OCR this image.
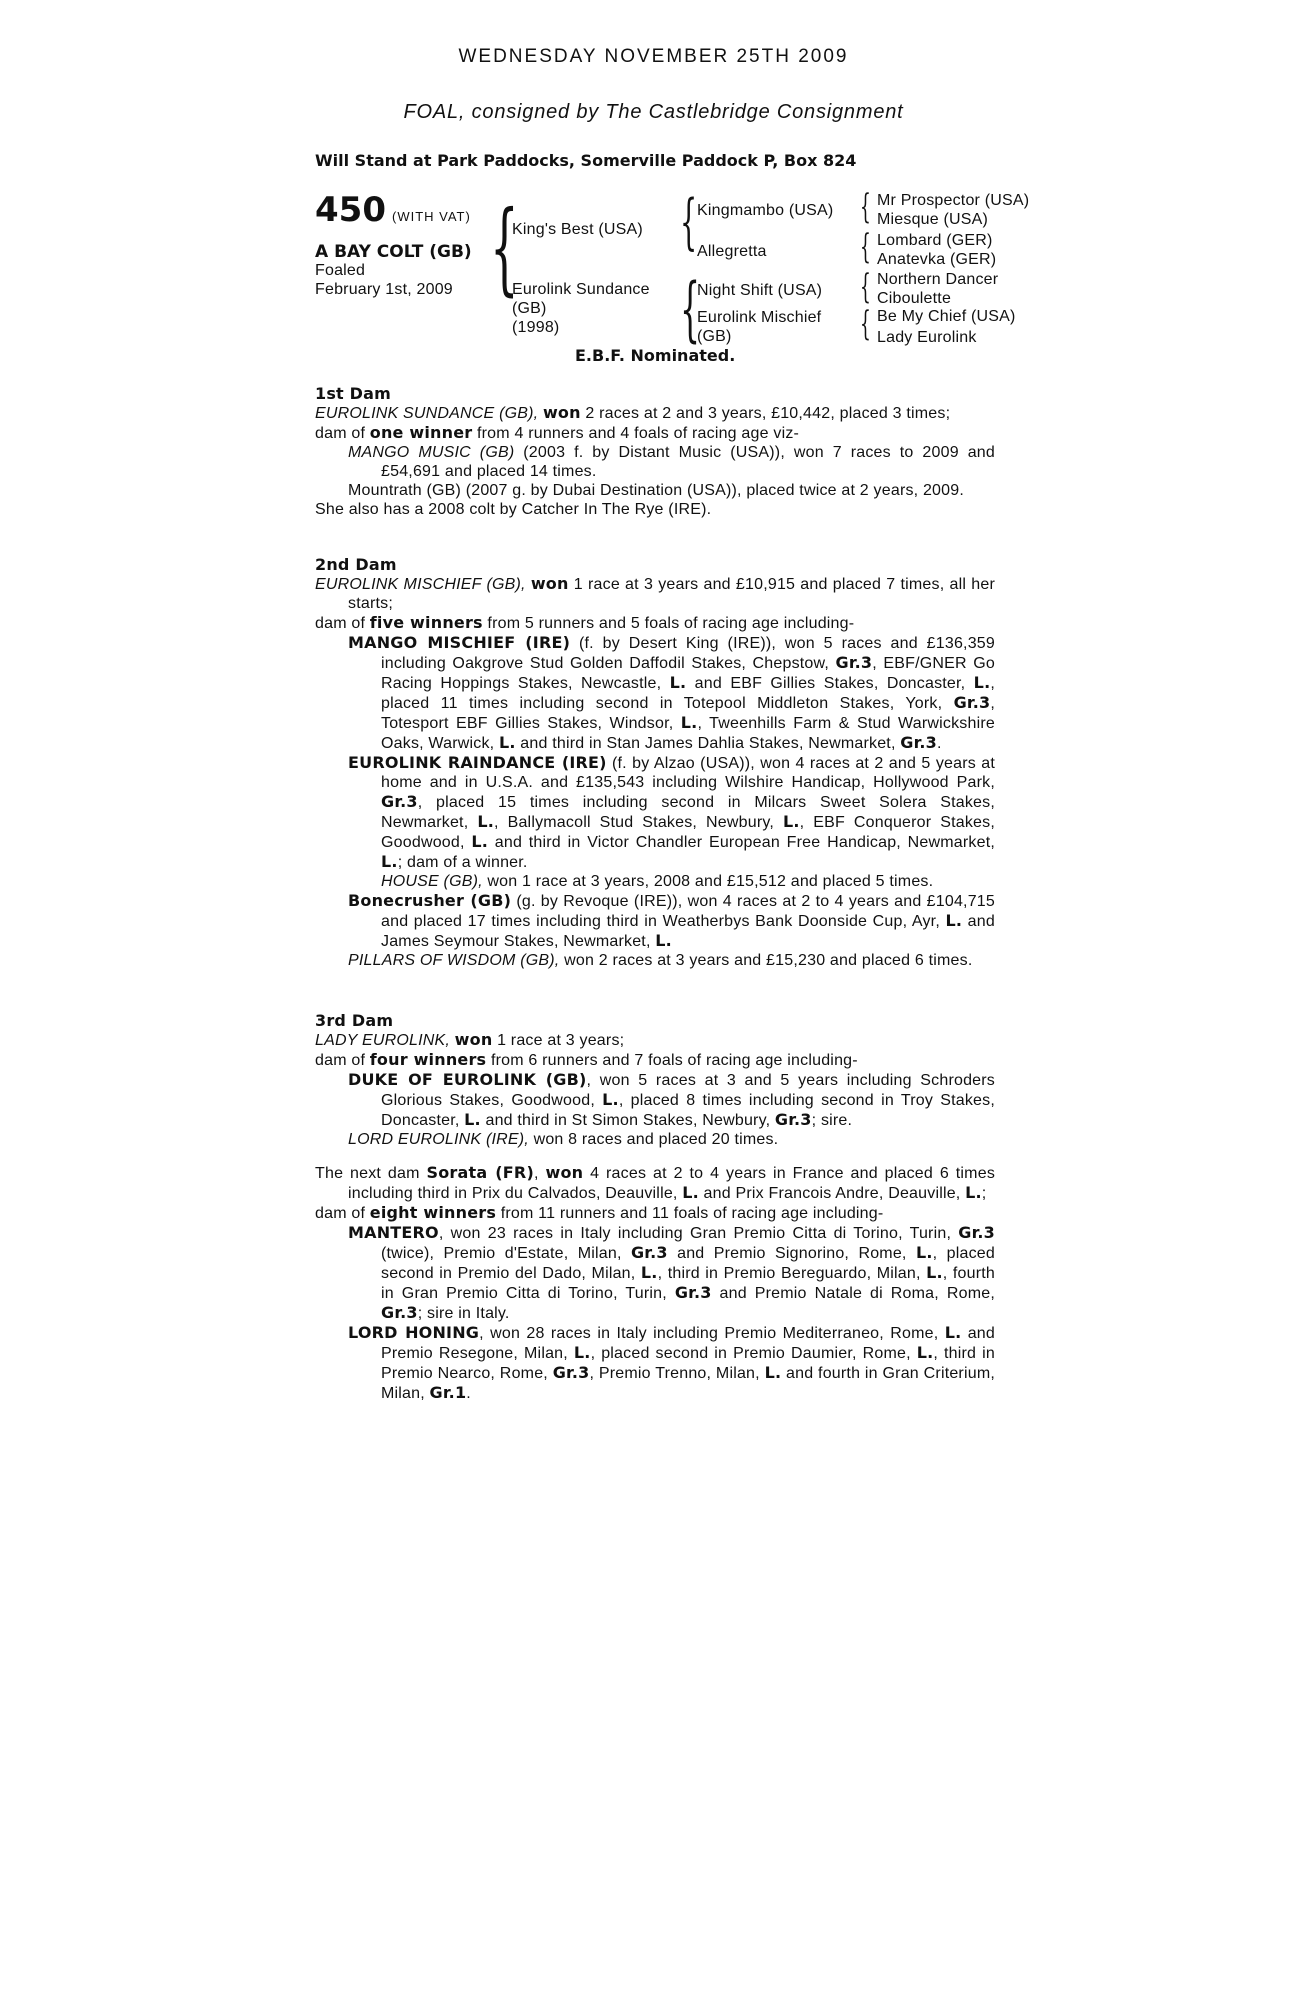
WEDNESDAY NOVEMBER 25TH 2009
FOAL, consigned by The Castlebridge Consignment
Will Stand at Park Paddocks, Somerville Paddock P, Box 824
450 (WITH VAT)
A BAY COLT (GB)
Foaled
February 1st, 2009 {	{
{
{
{
{
{
King's Best (USA)
Eurolink Sundance
(GB)
(1998)
Kingmambo (USA)
Allegretta
Night Shift (USA)
Eurolink Mischief
(GB)
Mr Prospector (USA)
Miesque (USA)
Lombard (GER)
Anatevka (GER)
Northern Dancer
Ciboulette
Be My Chief (USA)
Lady Eurolink
E.B.F. Nominated.

1st Dam

EUROLINK SUNDANCE (GB), won 2 races at 2 and 3 years, £10,442, placed 3 times;

dam of one winner from 4 runners and 4 foals of racing age viz-

MANGO MUSIC (GB) (2003 f. by Distant Music (USA)), won 7 races to 2009 and £54,691 and placed 14 times.

Mountrath (GB) (2007 g. by Dubai Destination (USA)), placed twice at 2 years, 2009.

She also has a 2008 colt by Catcher In The Rye (IRE).

2nd Dam

EUROLINK MISCHIEF (GB), won 1 race at 3 years and £10,915 and placed 7 times, all her starts;

dam of five winners from 5 runners and 5 foals of racing age including-

MANGO MISCHIEF (IRE) (f. by Desert King (IRE)), won 5 races and £136,359 including Oakgrove Stud Golden Daffodil Stakes, Chepstow, Gr.3, EBF/GNER Go Racing Hoppings Stakes, Newcastle, L. and EBF Gillies Stakes, Doncaster, L., placed 11 times including second in Totepool Middleton Stakes, York, Gr.3, Totesport EBF Gillies Stakes, Windsor, L., Tweenhills Farm & Stud Warwickshire Oaks, Warwick, L. and third in Stan James Dahlia Stakes, Newmarket, Gr.3.

EUROLINK RAINDANCE (IRE) (f. by Alzao (USA)), won 4 races at 2 and 5 years at home and in U.S.A. and £135,543 including Wilshire Handicap, Hollywood Park, Gr.3, placed 15 times including second in Milcars Sweet Solera Stakes, Newmarket, L., Ballymacoll Stud Stakes, Newbury, L., EBF Conqueror Stakes, Goodwood, L. and third in Victor Chandler European Free Handicap, Newmarket, L.; dam of a winner.

HOUSE (GB), won 1 race at 3 years, 2008 and £15,512 and placed 5 times.

Bonecrusher (GB) (g. by Revoque (IRE)), won 4 races at 2 to 4 years and £104,715 and placed 17 times including third in Weatherbys Bank Doonside Cup, Ayr, L. and James Seymour Stakes, Newmarket, L.

PILLARS OF WISDOM (GB), won 2 races at 3 years and £15,230 and placed 6 times.

3rd Dam

LADY EUROLINK, won 1 race at 3 years;

dam of four winners from 6 runners and 7 foals of racing age including-

DUKE OF EUROLINK (GB), won 5 races at 3 and 5 years including Schroders Glorious Stakes, Goodwood, L., placed 8 times including second in Troy Stakes, Doncaster, L. and third in St Simon Stakes, Newbury, Gr.3; sire.

LORD EUROLINK (IRE), won 8 races and placed 20 times.

The next dam Sorata (FR), won 4 races at 2 to 4 years in France and placed 6 times including third in Prix du Calvados, Deauville, L. and Prix Francois Andre, Deauville, L.;

dam of eight winners from 11 runners and 11 foals of racing age including-

MANTERO, won 23 races in Italy including Gran Premio Citta di Torino, Turin, Gr.3 (twice), Premio d'Estate, Milan, Gr.3 and Premio Signorino, Rome, L., placed second in Premio del Dado, Milan, L., third in Premio Bereguardo, Milan, L., fourth in Gran Premio Citta di Torino, Turin, Gr.3 and Premio Natale di Roma, Rome, Gr.3; sire in Italy.

LORD HONING, won 28 races in Italy including Premio Mediterraneo, Rome, L. and Premio Resegone, Milan, L., placed second in Premio Daumier, Rome, L., third in Premio Nearco, Rome, Gr.3, Premio Trenno, Milan, L. and fourth in Gran Criterium, Milan, Gr.1.
